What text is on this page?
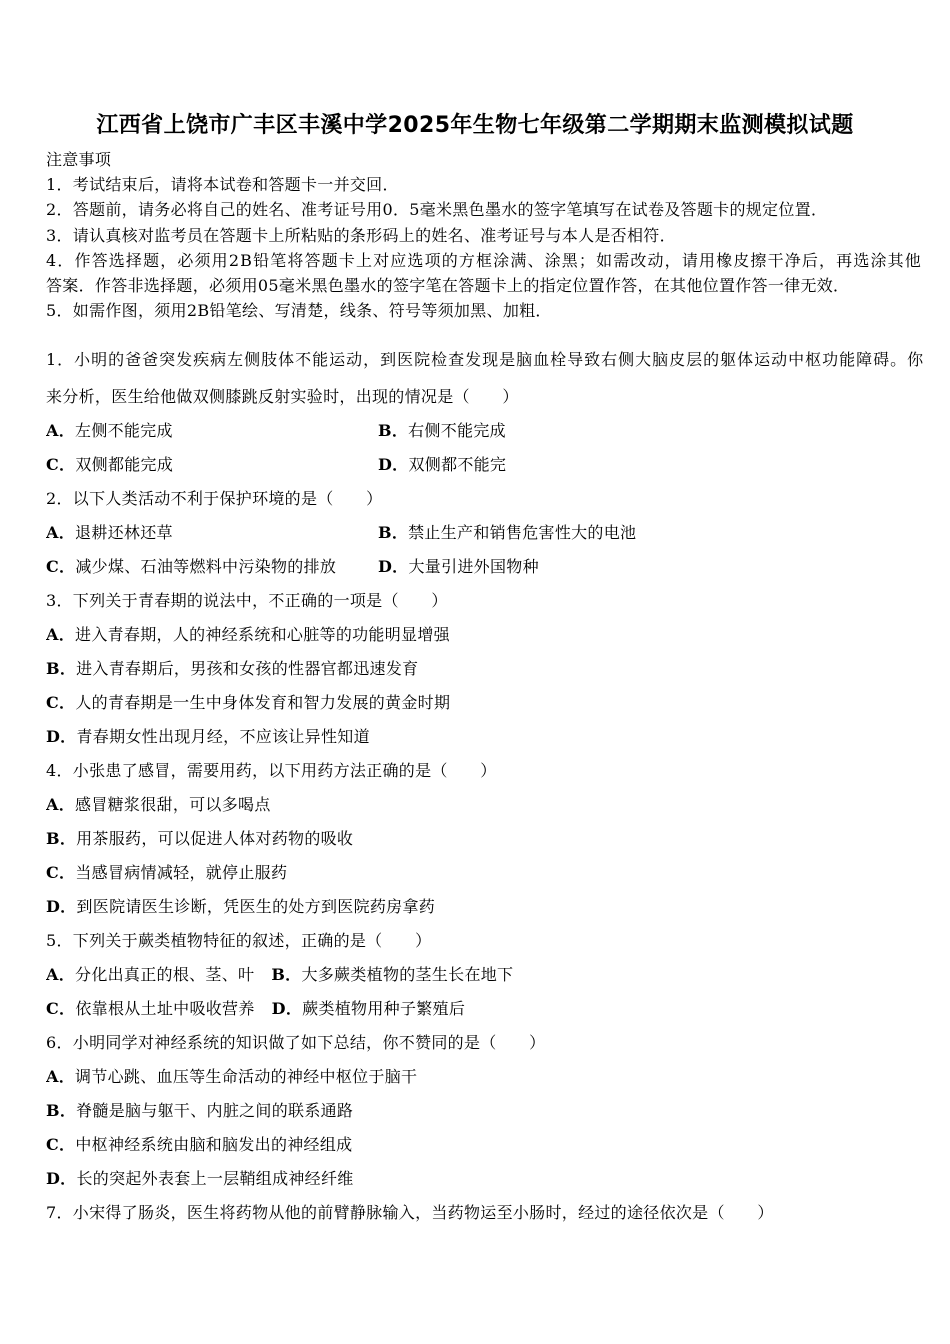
江西省上饶市广丰区丰溪中学2025年生物七年级第二学期期末监测模拟试题
注意事项
1．考试结束后，请将本试卷和答题卡一并交回．
2．答题前，请务必将自己的姓名、准考证号用0．5毫米黑色墨水的签字笔填写在试卷及答题卡的规定位置．
3．请认真核对监考员在答题卡上所粘贴的条形码上的姓名、准考证号与本人是否相符．
4．作答选择题，必须用2B铅笔将答题卡上对应选项的方框涂满、涂黑；如需改动，请用橡皮擦干净后，再选涂其他
答案．作答非选择题，必须用05毫米黑色墨水的签字笔在答题卡上的指定位置作答，在其他位置作答一律无效．
5．如需作图，须用2B铅笔绘、写清楚，线条、符号等须加黑、加粗．
1．小明的爸爸突发疾病左侧肢体不能运动，到医院检查发现是脑血栓导致右侧大脑皮层的躯体运动中枢功能障碍。你
来分析，医生给他做双侧膝跳反射实验时，出现的情况是（　　）
A．左侧不能完成	B．右侧不能完成
C．双侧都能完成	D．双侧都不能完
2．以下人类活动不利于保护环境的是（　　）
A．退耕还林还草	B．禁止生产和销售危害性大的电池
C．减少煤、石油等燃料中污染物的排放	D．大量引进外国物种
3．下列关于青春期的说法中，不正确的一项是（　　）
A．进入青春期，人的神经系统和心脏等的功能明显增强
B．进入青春期后，男孩和女孩的性器官都迅速发育
C．人的青春期是一生中身体发育和智力发展的黄金时期
D．青春期女性出现月经，不应该让异性知道
4．小张患了感冒，需要用药，以下用药方法正确的是（　　）
A．感冒糖浆很甜，可以多喝点
B．用茶服药，可以促进人体对药物的吸收
C．当感冒病情减轻，就停止服药
D．到医院请医生诊断，凭医生的处方到医院药房拿药
5．下列关于蕨类植物特征的叙述，正确的是（　　）
A．分化出真正的根、茎、叶 B．大多蕨类植物的茎生长在地下
C．依靠根从土址中吸收营养 D．蕨类植物用种子繁殖后
6．小明同学对神经系统的知识做了如下总结，你不赞同的是（　　）
A．调节心跳、血压等生命活动的神经中枢位于脑干
B．脊髓是脑与躯干、内脏之间的联系通路
C．中枢神经系统由脑和脑发出的神经组成
D．长的突起外表套上一层鞘组成神经纤维
7．小宋得了肠炎，医生将药物从他的前臂静脉输入，当药物运至小肠时，经过的途径依次是（　　）
